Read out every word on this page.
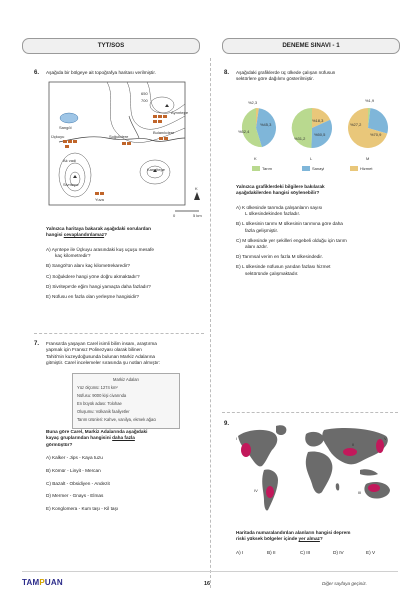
TYT/SOS	DENEME SINAVI - 1
6. Aşağıda bir bölgeye ait topoğrafya haritası verilmiştir.
650
700
Ayrıntepe
Sangöl
Üçkuyu	Soğukdere
Bulanıkdere
Ak vadi
Kaneltepe
Sivritepe
Yuva
K
0	5 km
Yalnızca haritaya bakarak aşağıdaki sorulardan
hangisi cevaplandırılamaz?
A) Ayrıtepe ile Üçkuyu arasındaki kuş uçuşu mesafe
kaç kilometredir?
B) Sangöl'ün alanı kaç kilometrekaredir?
C) Soğukdere hangi yöne doğru akmaktadır?
D) Sivritepe'de eğim hangi yamaçta daha fazladır?
E) Nüfusu en fazla olan yerleşme hangisidir?
7. Fransa'da yaşayan Carel isimli bilim insanı, araştırma
yapmak için Fransız Polinezyası olarak bilinen
Tahiti'nin kuzeydoğusunda bulunan Markiz Adalarına
gitmiştir. Carel incelemeler sırasında şu notları almıştır:
Markiz Adaları
Yüz ölçümü: 1274 km²
Nüfusu: 9000 kişi civarında
En büyük adası: Tolohae
Oluşumu: Volkanik faaliyetler
Tarım ürünleri: Kahve, vanilya, ekmek ağacı
Buna göre Carel, Markiz Adalarında aşağıdaki
kayaç gruplarından hangisini daha fazla
görmüştür?
A) Kalker - Jips - Kaya tuzu
B) Kömür - Linyit - Mercan
C) Bazalt - Obsidiyen - Andezit
D) Mermer - Gnays - Elmas
E) Konglomera - Kum taşı - Kil taşı
8. Aşağıdaki grafiklerde üç ülkede çalışan nüfusun
sektörlere göre dağılımı gösterilmiştir.
%2,3
%45,3
%52,4
%18,3
%50,5
%31,2
%1,9
%27,2
%70,9
K	L	M
Tarım	Sanayi	Hizmet
Yalnızca grafiklerdeki bilgilere bakılarak
aşağıdakilerden hangisi söylenebilir?
A) K ülkesinde tarımda çalışanların sayısı
L ülkesindekinden fazladır.
B) L ülkesinin tarımı M ülkesinin tarımına göre daha
fazla gelişmiştir.
C) M ülkesinde yer şekilleri engebeli olduğu için tarım
alanı azdır.
D) Tarımsal verim en fazla M ülkesindedir.
E) L ülkesinde nüfusun yarıdan fazlası hizmet
sektöründe çalışmaktadır.
9.
I
II
III
IV
V
Haritada numaralandırılan alanların hangisi deprem
riski yüksek bölgeler içinde yer almaz?
A) I	B) II	C) III	D) IV	E) V
TAMPUAN	16	Diğer sayfaya geçiniz.
